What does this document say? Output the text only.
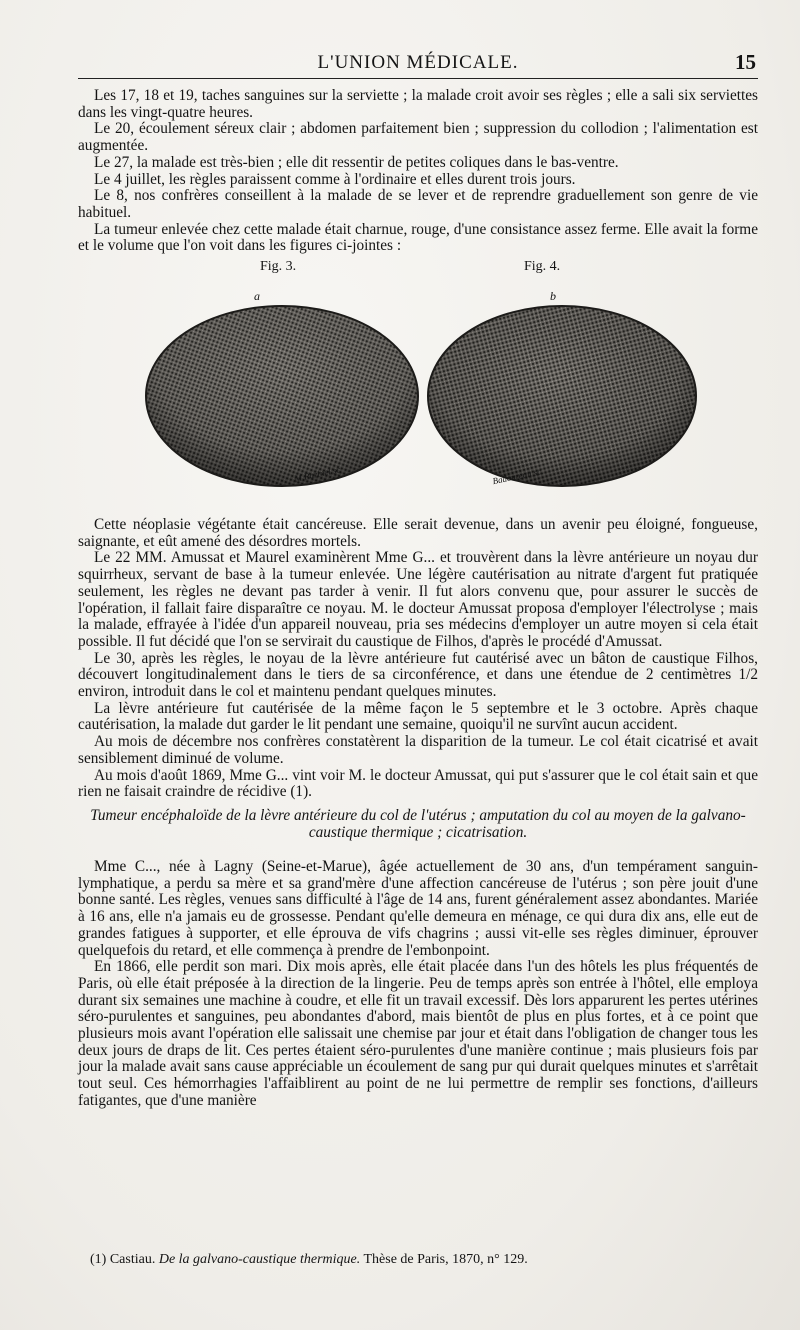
L'UNION MÉDICALE.	15

Les 17, 18 et 19, taches sanguines sur la serviette ; la malade croit avoir ses règles ; elle a sali six serviettes dans les vingt-quatre heures.

Le 20, écoulement séreux clair ; abdomen parfaitement bien ; suppression du collodion ; l'alimentation est augmentée.

Le 27, la malade est très-bien ; elle dit ressentir de petites coliques dans le bas-ventre.

Le 4 juillet, les règles paraissent comme à l'ordinaire et elles durent trois jours.

Le 8, nos confrères conseillent à la malade de se lever et de reprendre graduellement son genre de vie habituel.

La tumeur enlevée chez cette malade était charnue, rouge, d'une consistance assez ferme. Elle avait la forme et le volume que l'on voit dans les figures ci-jointes :

Fig. 3.	Fig. 4.
a	b
M.Razinel sc	Badoureau sc.

Cette néoplasie végétante était cancéreuse. Elle serait devenue, dans un avenir peu éloigné, fongueuse, saignante, et eût amené des désordres mortels.

Le 22 MM. Amussat et Maurel examinèrent Mme G... et trouvèrent dans la lèvre antérieure un noyau dur squirrheux, servant de base à la tumeur enlevée. Une légère cautérisation au nitrate d'argent fut pratiquée seulement, les règles ne devant pas tarder à venir. Il fut alors convenu que, pour assurer le succès de l'opération, il fallait faire disparaître ce noyau. M. le docteur Amussat proposa d'employer l'électrolyse ; mais la malade, effrayée à l'idée d'un appareil nouveau, pria ses médecins d'employer un autre moyen si cela était possible. Il fut décidé que l'on se servirait du caustique de Filhos, d'après le procédé d'Amussat.

Le 30, après les règles, le noyau de la lèvre antérieure fut cautérisé avec un bâton de caustique Filhos, découvert longitudinalement dans le tiers de sa circonférence, et dans une étendue de 2 centimètres 1/2 environ, introduit dans le col et maintenu pendant quelques minutes.

La lèvre antérieure fut cautérisée de la même façon le 5 septembre et le 3 octobre. Après chaque cautérisation, la malade dut garder le lit pendant une semaine, quoiqu'il ne survînt aucun accident.

Au mois de décembre nos confrères constatèrent la disparition de la tumeur. Le col était cicatrisé et avait sensiblement diminué de volume.

Au mois d'août 1869, Mme G... vint voir M. le docteur Amussat, qui put s'assurer que le col était sain et que rien ne faisait craindre de récidive (1).

Tumeur encéphaloïde de la lèvre antérieure du col de l'utérus ; amputation du col au moyen de la galvano-caustique thermique ; cicatrisation.

Mme C..., née à Lagny (Seine-et-Marue), âgée actuellement de 30 ans, d'un tempérament sanguin-lymphatique, a perdu sa mère et sa grand'mère d'une affection cancéreuse de l'utérus ; son père jouit d'une bonne santé. Les règles, venues sans difficulté à l'âge de 14 ans, furent généralement assez abondantes. Mariée à 16 ans, elle n'a jamais eu de grossesse. Pendant qu'elle demeura en ménage, ce qui dura dix ans, elle eut de grandes fatigues à supporter, et elle éprouva de vifs chagrins ; aussi vit-elle ses règles diminuer, éprouver quelquefois du retard, et elle commença à prendre de l'embonpoint.

En 1866, elle perdit son mari. Dix mois après, elle était placée dans l'un des hôtels les plus fréquentés de Paris, où elle était préposée à la direction de la lingerie. Peu de temps après son entrée à l'hôtel, elle employa durant six semaines une machine à coudre, et elle fit un travail excessif. Dès lors apparurent les pertes utérines séro-purulentes et sanguines, peu abondantes d'abord, mais bientôt de plus en plus fortes, et à ce point que plusieurs mois avant l'opération elle salissait une chemise par jour et était dans l'obligation de changer tous les deux jours de draps de lit. Ces pertes étaient séro-purulentes d'une manière continue ; mais plusieurs fois par jour la malade avait sans cause appréciable un écoulement de sang pur qui durait quelques minutes et s'arrêtait tout seul. Ces hémorrhagies l'affaiblirent au point de ne lui permettre de remplir ses fonctions, d'ailleurs fatigantes, que d'une manière

(1) Castiau. De la galvano-caustique thermique. Thèse de Paris, 1870, n° 129.
